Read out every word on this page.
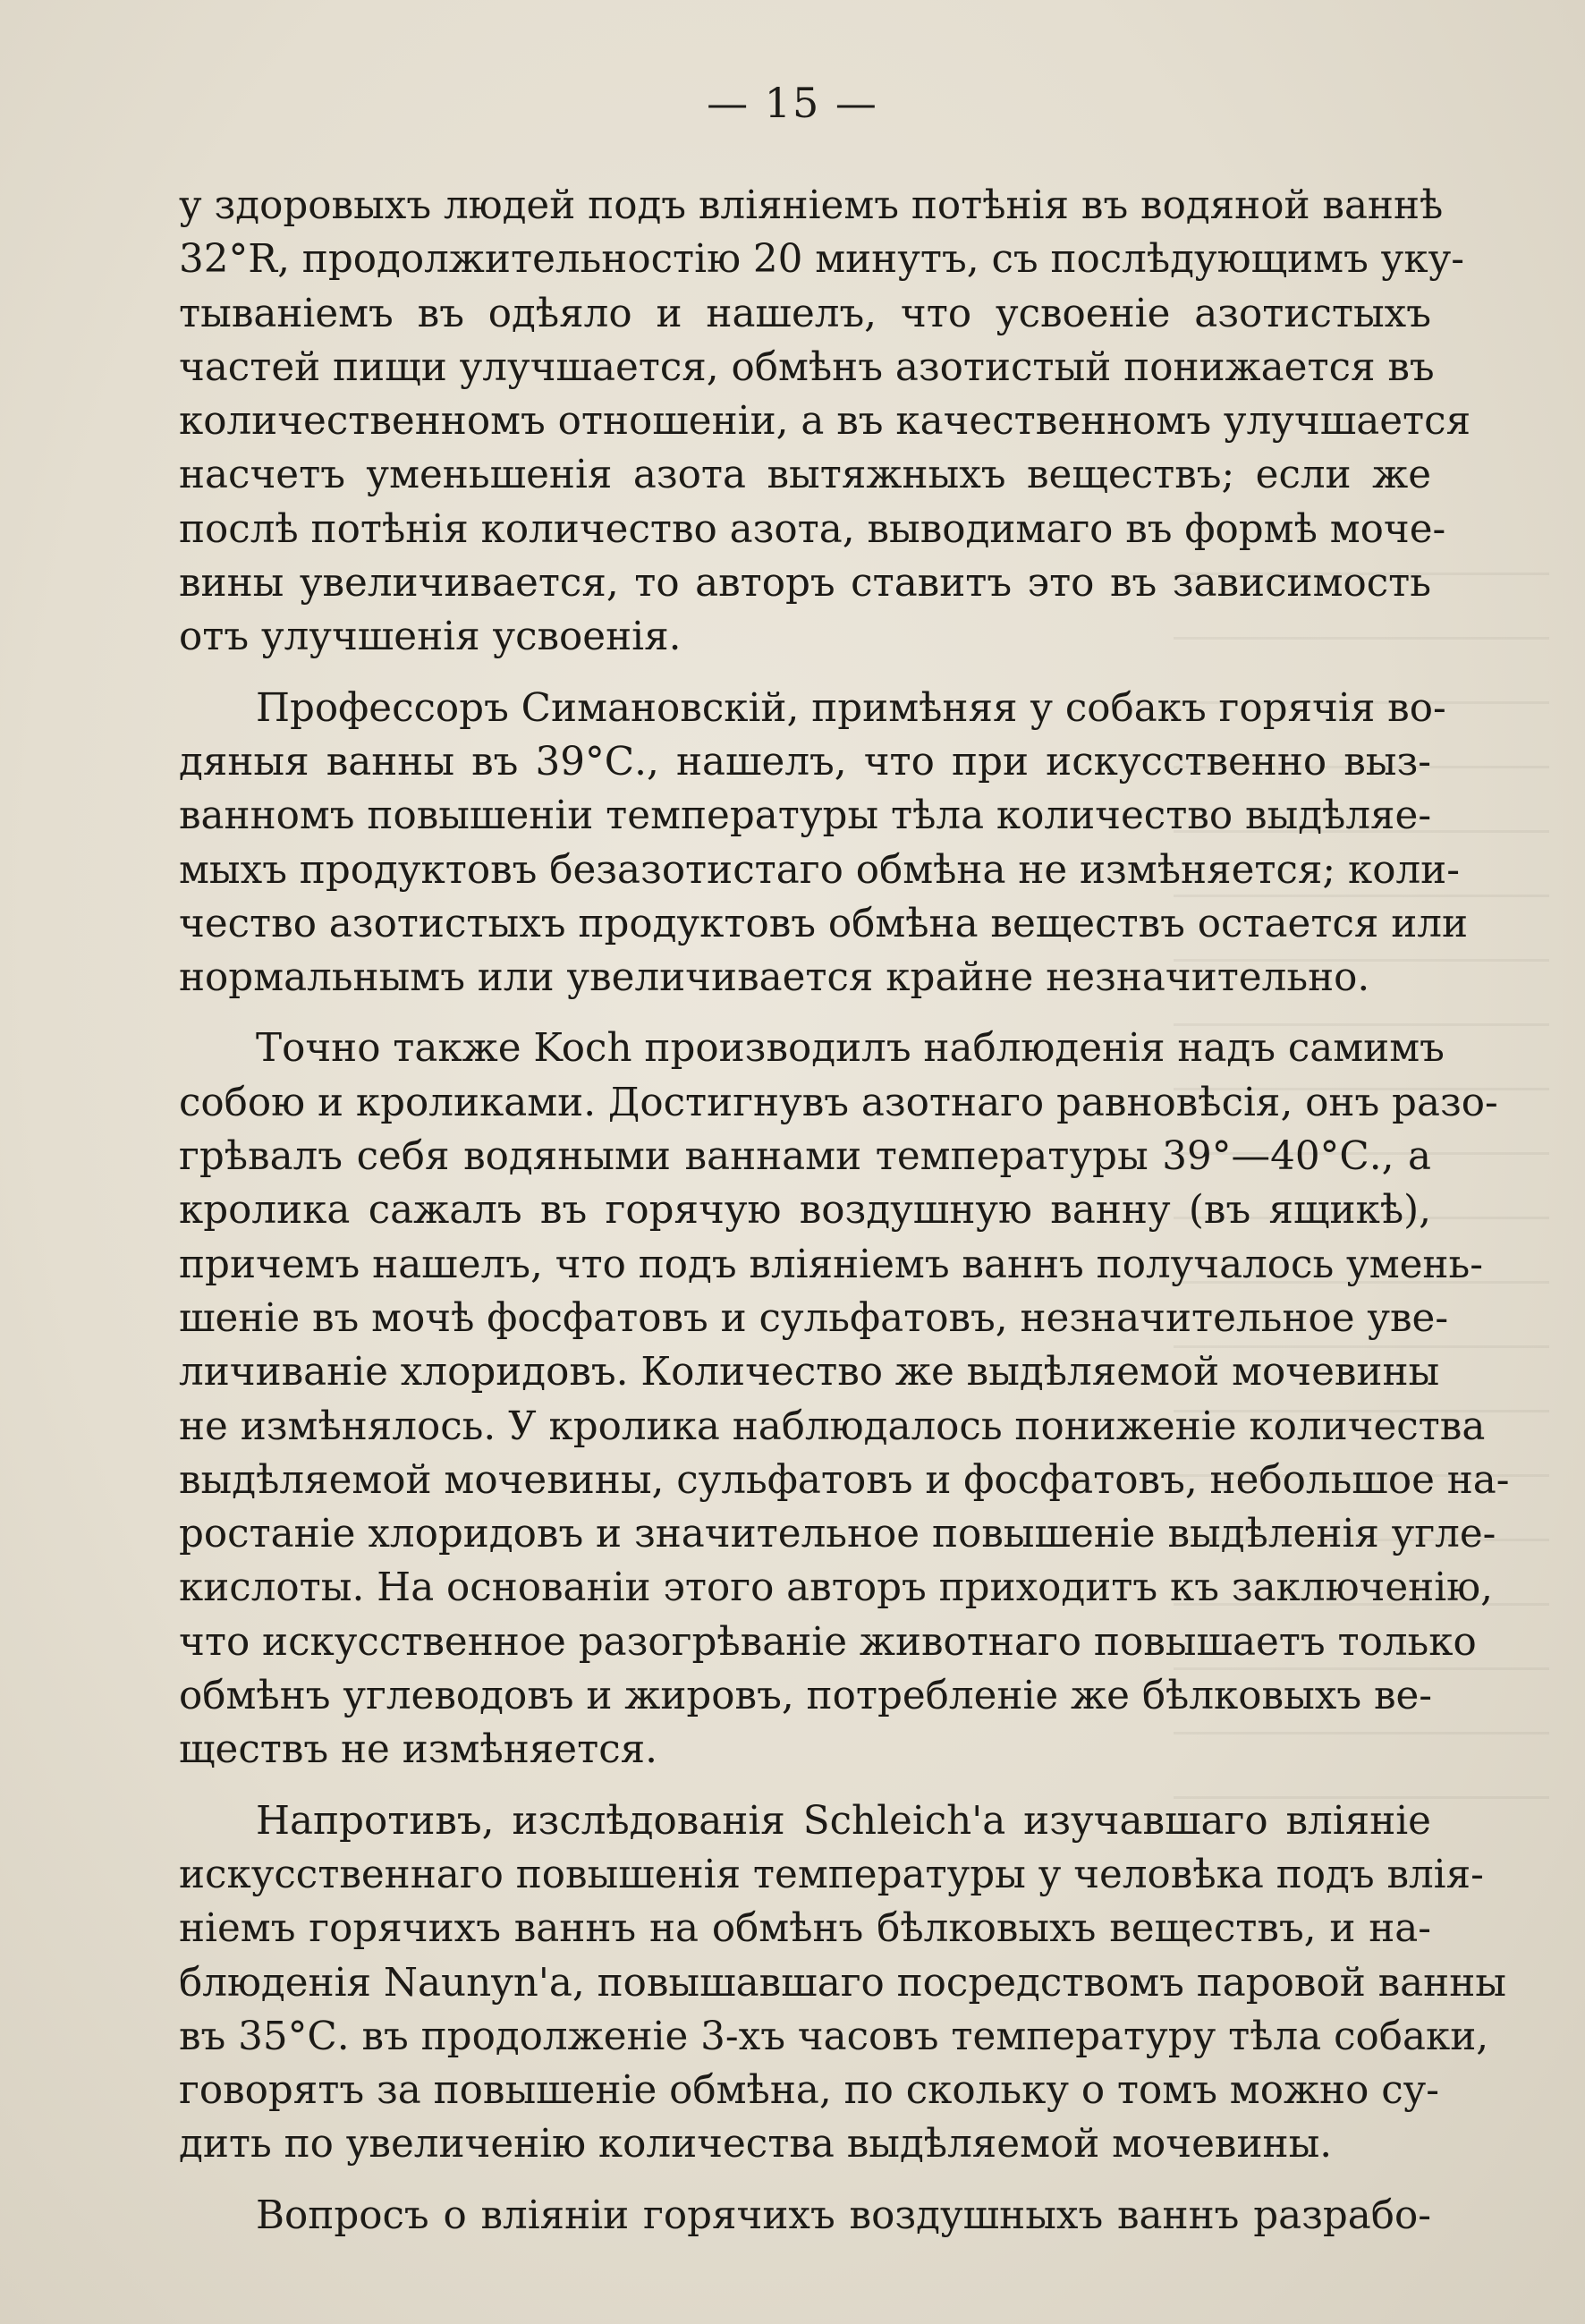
— 15 —
у здоровыхъ людей подъ влiянiемъ потѣнiя въ водяной ваннѣ
32°R, продолжительностiю 20 минутъ, съ послѣдующимъ уку-
тыванiемъ въ одѣяло и нашелъ, что усвоенiе азотистыхъ
частей пищи улучшается, обмѣнъ азотистый понижается въ
количественномъ отношенiи, а въ качественномъ улучшается
насчетъ уменьшенiя азота вытяжныхъ веществъ; если же
послѣ потѣнiя количество азота, выводимаго въ формѣ моче-
вины увеличивается, то авторъ ставитъ это въ зависимость
отъ улучшенiя усвоенiя.
Профессоръ Симановскiй, примѣняя у собакъ горячiя во-
дяныя ванны въ 39°С., нашелъ, что при искусственно выз-
ванномъ повышенiи температуры тѣла количество выдѣляе-
мыхъ продуктовъ безазотистаго обмѣна не измѣняется; коли-
чество азотистыхъ продуктовъ обмѣна веществъ остается или
нормальнымъ или увеличивается крайне незначительно.
Точно также Koch производилъ наблюденiя надъ самимъ
собою и кроликами. Достигнувъ азотнаго равновѣсiя, онъ разо-
грѣвалъ себя водяными ваннами температуры 39°—40°С., а
кролика сажалъ въ горячую воздушную ванну (въ ящикѣ),
причемъ нашелъ, что подъ влiянiемъ ваннъ получалось умень-
шенiе въ мочѣ фосфатовъ и сульфатовъ, незначительное уве-
личиванiе хлоридовъ. Количество же выдѣляемой мочевины
не измѣнялось. У кролика наблюдалось пониженiе количества
выдѣляемой мочевины, сульфатовъ и фосфатовъ, небольшое на-
ростанiе хлоридовъ и значительное повышенiе выдѣленiя угле-
кислоты. На основанiи этого авторъ приходитъ къ заключенiю,
что искусственное разогрѣванiе животнаго повышаетъ только
обмѣнъ углеводовъ и жировъ, потребленiе же бѣлковыхъ ве-
ществъ не измѣняется.
Напротивъ, изслѣдованiя Schleich'a изучавшаго влiянiе
искусственнаго повышенiя температуры у человѣка подъ влiя-
нiемъ горячихъ ваннъ на обмѣнъ бѣлковыхъ веществъ, и на-
блюденiя Naunyn'a, повышавшаго посредствомъ паровой ванны
въ 35°С. въ продолженiе 3-хъ часовъ температуру тѣла собаки,
говорятъ за повышенiе обмѣна, по скольку о томъ можно су-
дить по увеличенiю количества выдѣляемой мочевины.
Вопросъ о влiянiи горячихъ воздушныхъ ваннъ разрабо-
